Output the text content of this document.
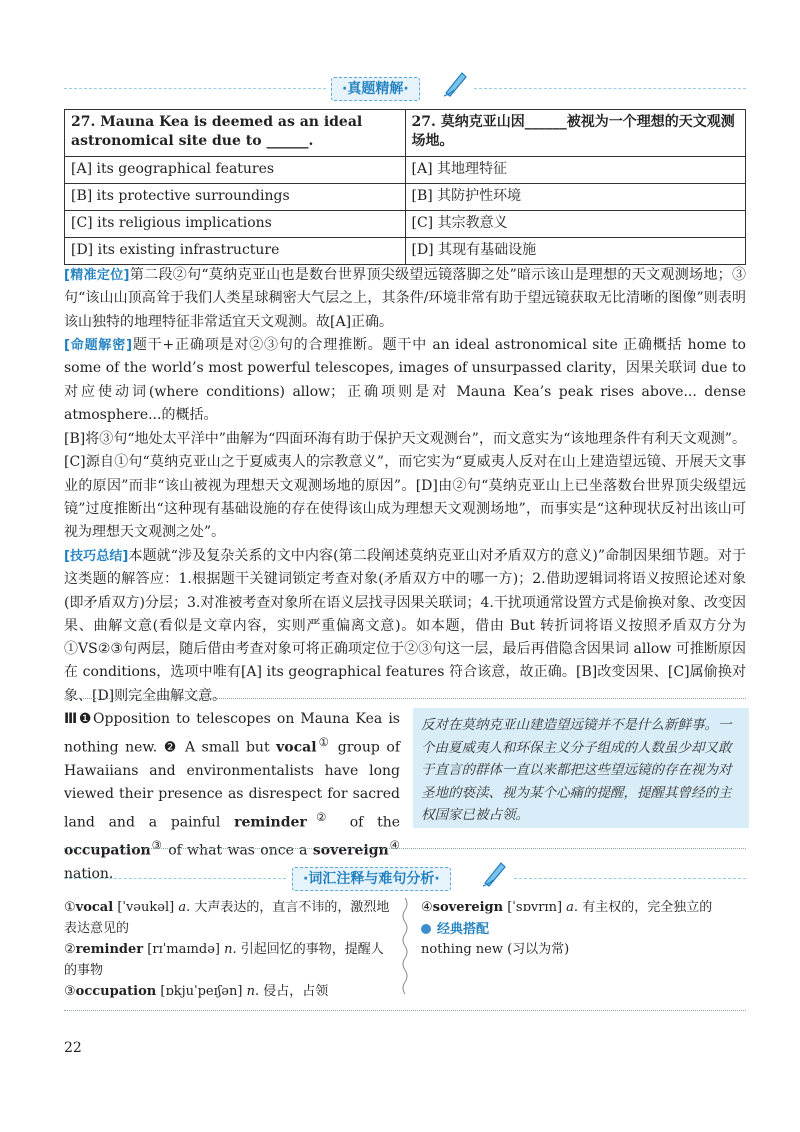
·真题精解·
27. Mauna Kea is deemed as an ideal astronomical site due to ______.	27. 莫纳克亚山因______被视为一个理想的天文观测场地。
[A] its geographical features	[A] 其地理特征
[B] its protective surroundings	[B] 其防护性环境
[C] its religious implications	[C] 其宗教意义
[D] its existing infrastructure	[D] 其现有基础设施
[精准定位]第二段②句“莫纳克亚山也是数台世界顶尖级望远镜落脚之处”暗示该山是理想的天文观测场地；③句“该山山顶高耸于我们人类星球稠密大气层之上，其条件/环境非常有助于望远镜获取无比清晰的图像”则表明该山独特的地理特征非常适宜天文观测。故[A]正确。
[命题解密]题干+正确项是对②③句的合理推断。题干中 an ideal astronomical site 正确概括 home to some of the world’s most powerful telescopes, images of unsurpassed clarity，因果关联词 due to 对应使动词(where conditions) allow；正确项则是对 Mauna Kea’s peak rises above... dense atmosphere...的概括。
[B]将③句“地处太平洋中”曲解为“四面环海有助于保护天文观测台”，而文意实为“该地理条件有利天文观测”。[C]源自①句“莫纳克亚山之于夏威夷人的宗教意义”，而它实为“夏威夷人反对在山上建造望远镜、开展天文事业的原因”而非“该山被视为理想天文观测场地的原因”。[D]由②句“莫纳克亚山上已坐落数台世界顶尖级望远镜”过度推断出“这种现有基础设施的存在使得该山成为理想天文观测场地”，而事实是“这种现状反衬出该山可视为理想天文观测之处”。
[技巧总结]本题就“涉及复杂关系的文中内容(第二段阐述莫纳克亚山对矛盾双方的意义)”命制因果细节题。对于这类题的解答应：1.根据题干关键词锁定考查对象(矛盾双方中的哪一方)；2.借助逻辑词将语义按照论述对象(即矛盾双方)分层；3.对准被考查对象所在语义层找寻因果关联词；4.干扰项通常设置方式是偷换对象、改变因果、曲解文意(看似是文章内容，实则严重偏离文意)。如本题，借由 But 转折词将语义按照矛盾双方分为①VS②③句两层，随后借由考查对象可将正确项定位于②③句这一层，最后再借隐含因果词 allow 可推断原因在 conditions，选项中唯有[A] its geographical features 符合该意，故正确。[B]改变因果、[C]属偷换对象、[D]则完全曲解文意。
Ⅲ❶Opposition to telescopes on Mauna Kea is nothing new. ❷ A small but vocal① group of Hawaiians and environmentalists have long viewed their presence as disrespect for sacred land and a painful reminder② of the occupation③ of what was once a sovereign④ nation.
反对在莫纳克亚山建造望远镜并不是什么新鲜事。一个由夏威夷人和环保主义分子组成的人数虽少却又敢于直言的群体一直以来都把这些望远镜的存在视为对圣地的亵渎、视为某个心痛的提醒，提醒其曾经的主权国家已被占领。
·词汇注释与难句分析·
①vocal [ˈvəukəl] a. 大声表达的，直言不讳的，激烈地表达意见的
②reminder [rɪˈmaɪndə] n. 引起回忆的事物，提醒人的事物
③occupation [ɒkjuˈpeɪʃən] n. 侵占，占领
④sovereign [ˈsɒvrɪn] a. 有主权的，完全独立的
经典搭配
nothing new (习以为常)
22
